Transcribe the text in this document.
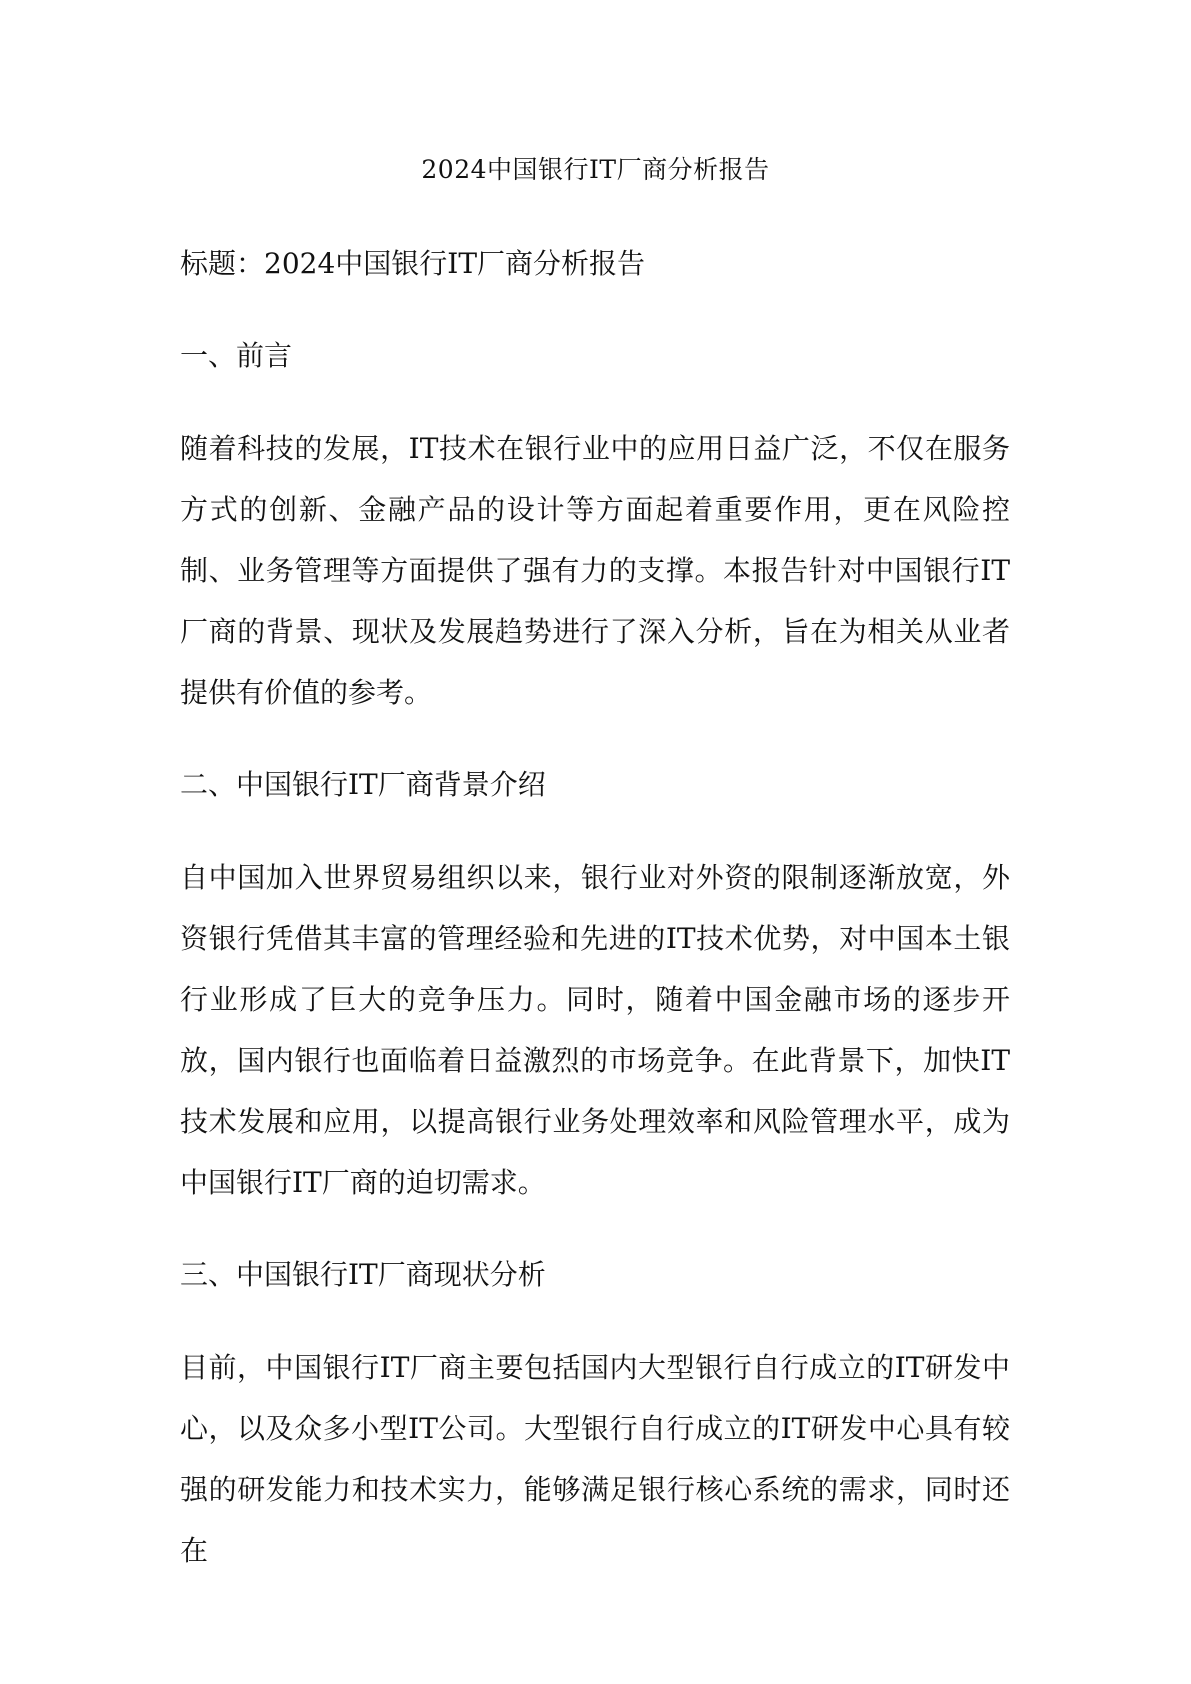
2024中国银行IT厂商分析报告

标题：2024中国银行IT厂商分析报告

一、前言

随着科技的发展，IT技术在银行业中的应用日益广泛，不仅在服务方式的创新、金融产品的设计等方面起着重要作用，更在风险控制、业务管理等方面提供了强有力的支撑。本报告针对中国银行IT厂商的背景、现状及发展趋势进行了深入分析，旨在为相关从业者提供有价值的参考。

二、中国银行IT厂商背景介绍

自中国加入世界贸易组织以来，银行业对外资的限制逐渐放宽，外资银行凭借其丰富的管理经验和先进的IT技术优势，对中国本土银行业形成了巨大的竞争压力。同时，随着中国金融市场的逐步开放，国内银行也面临着日益激烈的市场竞争。在此背景下，加快IT技术发展和应用，以提高银行业务处理效率和风险管理水平，成为中国银行IT厂商的迫切需求。

三、中国银行IT厂商现状分析

目前，中国银行IT厂商主要包括国内大型银行自行成立的IT研发中心，以及众多小型IT公司。大型银行自行成立的IT研发中心具有较强的研发能力和技术实力，能够满足银行核心系统的需求，同时还在
